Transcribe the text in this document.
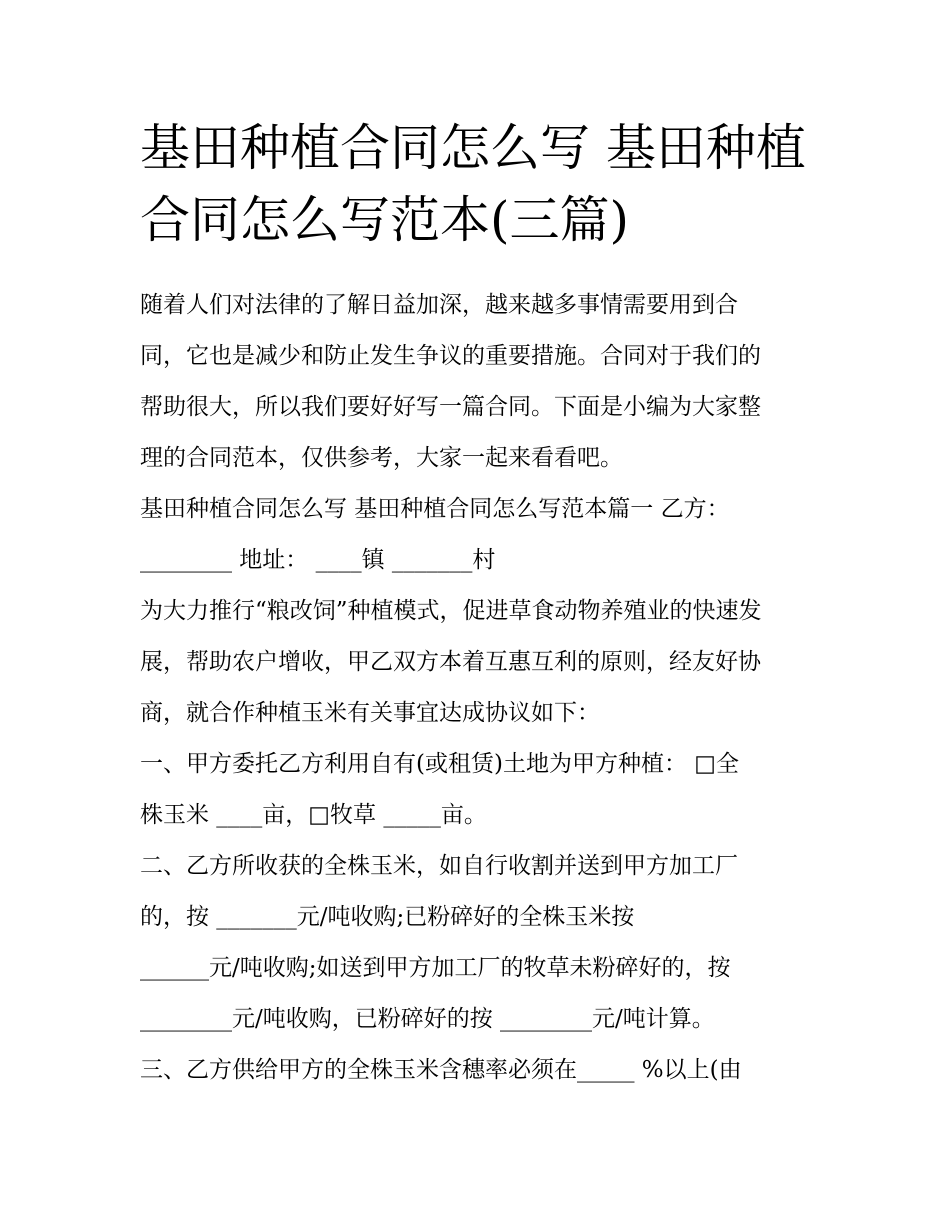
基田种植合同怎么写 基田种植合同怎么写范本(三篇)
随着人们对法律的了解日益加深，越来越多事情需要用到合
同，它也是减少和防止发生争议的重要措施。合同对于我们的
帮助很大，所以我们要好好写一篇合同。下面是小编为大家整
理的合同范本，仅供参考，大家一起来看看吧。
基田种植合同怎么写 基田种植合同怎么写范本篇一 乙方：
________ 地址： ____镇 _______村
为大力推行“粮改饲”种植模式，促进草食动物养殖业的快速发
展，帮助农户增收，甲乙双方本着互惠互利的原则，经友好协
商，就合作种植玉米有关事宜达成协议如下：
一、甲方委托乙方利用自有(或租赁)土地为甲方种植： □全
株玉米 ____亩，□牧草 _____亩。
二、乙方所收获的全株玉米，如自行收割并送到甲方加工厂
的，按 _______元/吨收购;已粉碎好的全株玉米按
______元/吨收购;如送到甲方加工厂的牧草未粉碎好的，按
________元/吨收购，已粉碎好的按 ________元/吨计算。
三、乙方供给甲方的全株玉米含穗率必须在_____ %以上(由
